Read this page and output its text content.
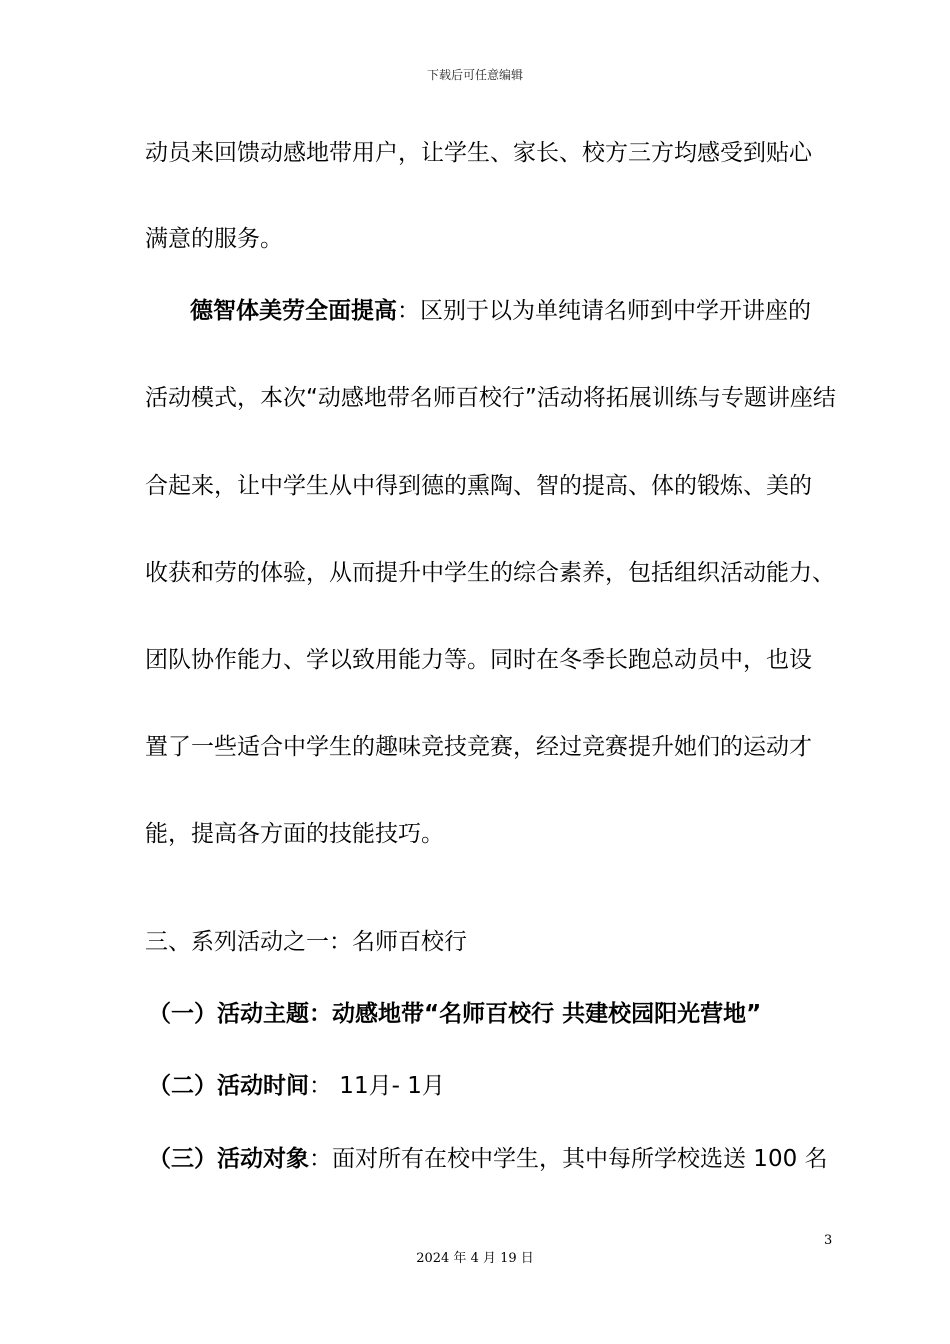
下载后可任意编辑
动员来回馈动感地带用户，让学生、家长、校方三方均感受到贴心
满意的服务。
德智体美劳全面提高：区别于以为单纯请名师到中学开讲座的
活动模式，本次“动感地带名师百校行”活动将拓展训练与专题讲座结
合起来，让中学生从中得到德的熏陶、智的提高、体的锻炼、美的
收获和劳的体验，从而提升中学生的综合素养，包括组织活动能力、
团队协作能力、学以致用能力等。同时在冬季长跑总动员中，也设
置了一些适合中学生的趣味竞技竞赛，经过竞赛提升她们的运动才
能，提高各方面的技能技巧。
三、系列活动之一：名师百校行
（一）活动主题：动感地带“名师百校行 共建校园阳光营地”
（二）活动时间： 11月- 1月
（三）活动对象：面对所有在校中学生，其中每所学校选送 100 名
3
2024 年 4 月 19 日
